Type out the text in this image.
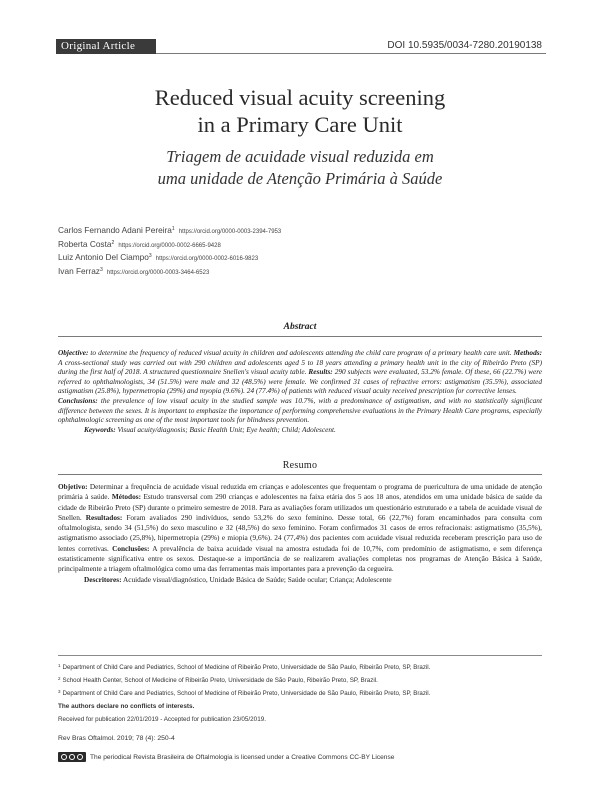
Original Article	DOI 10.5935/0034-7280.20190138
Reduced visual acuity screening
in a Primary Care Unit
Triagem de acuidade visual reduzida em
uma unidade de Atenção Primária à Saúde
Carlos Fernando Adani Pereira$^1$ https://orcid.org/0000-0003-2394-7953
Roberta Costa$^2$ https://orcid.org/0000-0002-6665-9428
Luiz Antonio Del Ciampo$^3$ https://orcid.org/0000-0002-6016-9823
Ivan Ferraz$^3$ https://orcid.org/0000-0003-3464-6523
Abstract
Objective: to determine the frequency of reduced visual acuity in children and adolescents attending the child care program of a primary health care unit. Methods: A cross-sectional study was carried out with 290 children and adolescents aged 5 to 18 years attending a primary health unit in the city of Ribeirão Preto (SP) during the first half of 2018. A structured questionnaire Snellen's visual acuity table. Results: 290 subjects were evaluated, 53.2% female. Of these, 66 (22.7%) were referred to ophthalmologists, 34 (51.5%) were male and 32 (48.5%) were female. We confirmed 31 cases of refractive errors: astigmatism (35.5%), associated astigmatism (25.8%), hypermetropia (29%) and myopia (9.6%). 24 (77.4%) of patients with reduced visual acuity received prescription for corrective lenses.
Conclusions: the prevalence of low visual acuity in the studied sample was 10.7%, with a predominance of astigmatism, and with no statistically significant difference between the sexes. It is important to emphasize the importance of performing comprehensive evaluations in the Primary Health Care programs, especially ophthalmologic screening as one of the most important tools for blindness prevention.
Keywords: Visual acuity/diagnosis; Basic Health Unit; Eye health; Child; Adolescent.
Resumo
Objetivo: Determinar a frequência de acuidade visual reduzida em crianças e adolescentes que frequentam o programa de puericultura de uma unidade de atenção primária à saúde. Métodos: Estudo transversal com 290 crianças e adolescentes na faixa etária dos 5 aos 18 anos, atendidos em uma unidade básica de saúde da cidade de Ribeirão Preto (SP) durante o primeiro semestre de 2018. Para as avaliações foram utilizados um questionário estruturado e a tabela de acuidade visual de Snellen. Resultados: Foram avaliados 290 indivíduos, sendo 53,2% do sexo feminino. Desse total, 66 (22,7%) foram encaminhados para consulta com oftalmologista, sendo 34 (51,5%) do sexo masculino e 32 (48,5%) do sexo feminino. Foram confirmados 31 casos de erros refracionais: astigmatismo (35,5%), astigmatismo associado (25,8%), hipermetropia (29%) e miopia (9,6%). 24 (77,4%) dos pacientes com acuidade visual reduzida receberam prescrição para uso de lentes corretivas. Conclusões: A prevalência de baixa acuidade visual na amostra estudada foi de 10,7%, com predomínio de astigmatismo, e sem diferença estatisticamente significativa entre os sexos. Destaque-se a importância de se realizarem avaliações completas nos programas de Atenção Básica à Saúde, principalmente a triagem oftalmológica como uma das ferramentas mais importantes para a prevenção da cegueira.
Descritores: Acuidade visual/diagnóstico, Unidade Básica de Saúde; Saúde ocular; Criança; Adolescente
$^1$ Department of Child Care and Pediatrics, School of Medicine of Ribeirão Preto, Universidade de São Paulo, Ribeirão Preto, SP, Brazil.
$^2$ School Health Center, School of Medicine of Ribeirão Preto, Universidade de São Paulo, Ribeirão Preto, SP, Brazil.
$^3$ Department of Child Care and Pediatrics, School of Medicine of Ribeirão Preto, Universidade de São Paulo, Ribeirão Preto, SP, Brazil.
The authors declare no conflicts of interests.
Received for publication 22/01/2019 - Accepted for publication 23/05/2019.
Rev Bras Oftalmol. 2019; 78 (4): 250-4
The periodical Revista Brasileira de Oftalmologia is licensed under a Creative Commons CC-BY License
